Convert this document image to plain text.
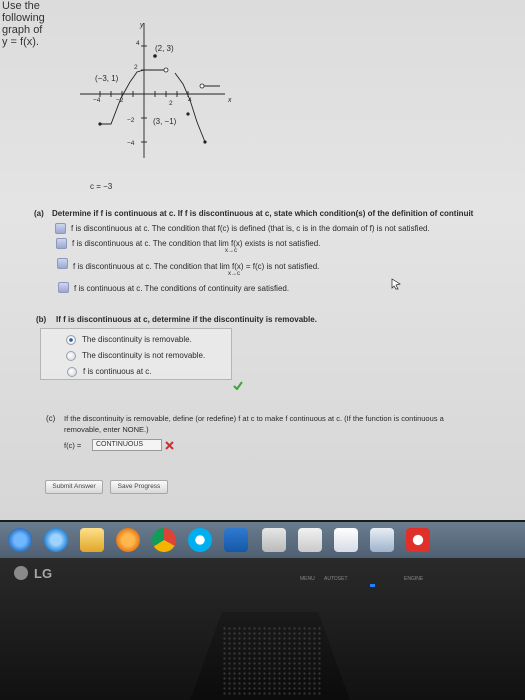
Use the following graph of y = f(x).
y
x
(2, 3)
(−3, 1)
(3, −1)
4
2
−4 −2	2 4
−2
−4
c = −3
(a) Determine if f is continuous at c. If f is discontinuous at c, state which condition(s) of the definition of continuit
f is discontinuous at c. The condition that f(c) is defined (that is, c is in the domain of f) is not satisfied.
f is discontinuous at c. The condition that lim f(x) exists is not satisfied.
x→c
f is discontinuous at c. The condition that lim f(x) = f(c) is not satisfied.
x→c
f is continuous at c. The conditions of continuity are satisfied.
(b) If f is discontinuous at c, determine if the discontinuity is removable.
The discontinuity is removable.
The discontinuity is not removable.
f is continuous at c.
(c) If the discontinuity is removable, define (or redefine) f at c to make f continuous at c. (If the function is continuous a
removable, enter NONE.)
f(c) =	CONTINUOUS
Submit Answer	Save Progress
LG	MENU AUTOSET	ENGINE
